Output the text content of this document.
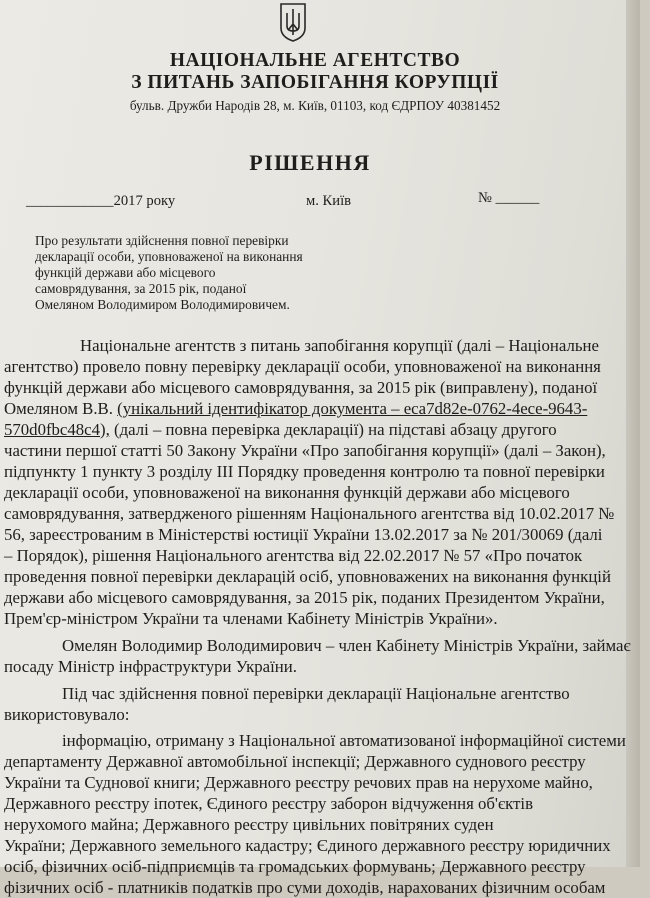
НАЦІОНАЛЬНЕ АГЕНТСТВО
З ПИТАНЬ ЗАПОБІГАННЯ КОРУПЦІЇ
бульв. Дружби Народів 28, м. Київ, 01103, код ЄДРПОУ 40381452
РІШЕННЯ
____________2017 року	м. Київ	№ ______
Про результати здійснення повної перевірки
декларації особи, уповноваженої на виконання
функцій держави або місцевого
самоврядування, за 2015 рік, поданої
Омеляном Володимиром Володимировичем.
Національне агентств з питань запобігання корупції (далі – Національне
агентство) провело повну перевірку декларації особи, уповноваженої на виконання
функцій держави або місцевого самоврядування, за 2015 рік (виправлену), поданої
Омеляном В.В. (унікальний ідентифікатор документа – eca7d82e-0762-4ece-9643-
570d0fbc48c4), (далі – повна перевірка декларації) на підставі абзацу другого
частини першої статті 50 Закону України «Про запобігання корупції» (далі – Закон),
підпункту 1 пункту 3 розділу III Порядку проведення контролю та повної перевірки
декларації особи, уповноваженої на виконання функцій держави або місцевого
самоврядування, затвердженого рішенням Національного агентства від 10.02.2017 №
56, зареєстрованим в Міністерстві юстиції України 13.02.2017 за № 201/30069 (далі
– Порядок), рішення Національного агентства від 22.02.2017 № 57 «Про початок
проведення повної перевірки декларацій осіб, уповноважених на виконання функцій
держави або місцевого самоврядування, за 2015 рік, поданих Президентом України,
Прем'єр-міністром України та членами Кабінету Міністрів України».
Омелян Володимир Володимирович – член Кабінету Міністрів України, займає
посаду Міністр інфраструктури України.
Під час здійснення повної перевірки декларації Національне агентство
використовувало:
інформацію, отриману з Національної автоматизованої інформаційної системи
департаменту Державної автомобільної інспекції; Державного суднового реєстру
України та Суднової книги; Державного реєстру речових прав на нерухоме майно,
Державного реєстру іпотек, Єдиного реєстру заборон відчуження об'єктів
нерухомого майна; Державного реєстру цивільних повітряних суден
України; Державного земельного кадастру; Єдиного державного реєстру юридичних
осіб, фізичних осіб-підприємців та громадських формувань; Державного реєстру
фізичних осіб - платників податків про суми доходів, нарахованих фізичним особам
